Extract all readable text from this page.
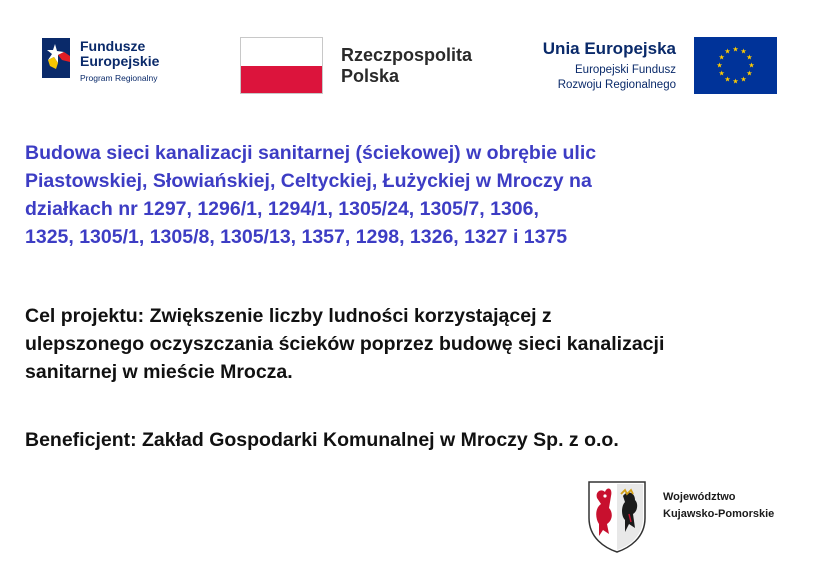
Fundusze
Europejskie
Program Regionalny
Rzeczpospolita
Polska
Unia Europejska
Europejski Fundusz
Rozwoju Regionalnego
★ ★
★
★
★
★
★
★
★
★
★
★
Budowa sieci kanalizacji sanitarnej (ściekowej) w obrębie ulic
Piastowskiej, Słowiańskiej, Celtyckiej, Łużyckiej w Mroczy na
działkach nr 1297, 1296/1, 1294/1, 1305/24, 1305/7, 1306,
1325, 1305/1, 1305/8, 1305/13, 1357, 1298, 1326, 1327 i 1375
Cel projektu: Zwiększenie liczby ludności korzystającej z
ulepszonego oczyszczania ścieków poprzez budowę sieci kanalizacji
sanitarnej w mieście Mrocza.
Beneficjent: Zakład Gospodarki Komunalnej w Mroczy Sp. z o.o.
Województwo
Kujawsko-Pomorskie
